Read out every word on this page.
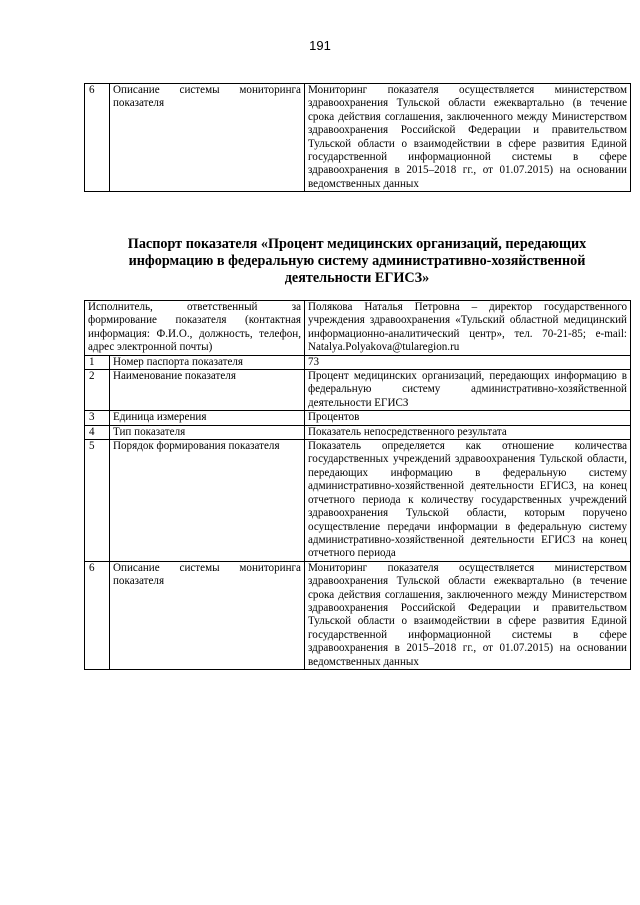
191
6	Описание системы мониторинга показателя	Мониторинг показателя осуществляется министерством здравоохранения Тульской области ежеквартально (в течение срока действия соглашения, заключенного между Министерством здравоохранения Российской Федерации и правительством Тульской области о взаимодействии в сфере развития Единой государственной информационной системы в сфере здравоохранения в 2015–2018 гг., от 01.07.2015) на основании ведомственных данных
Паспорт показателя «Процент медицинских организаций, передающих информацию в федеральную систему административно-хозяйственной деятельности ЕГИСЗ»
Исполнитель, ответственный за формирование показателя (контактная информация: Ф.И.О., должность, телефон, адрес электронной почты)		Полякова Наталья Петровна – директор государственного учреждения здравоохранения «Тульский областной медицинский информационно-аналитический центр», тел. 70-21-85; e-mail: Natalya.Polyakova@tularegion.ru
1	Номер паспорта показателя	73
2	Наименование показателя	Процент медицинских организаций, передающих информацию в федеральную систему административно-хозяйственной деятельности ЕГИСЗ
3	Единица измерения	Процентов
4	Тип показателя	Показатель непосредственного результата
5	Порядок формирования показателя	Показатель определяется как отношение количества государственных учреждений здравоохранения Тульской области, передающих информацию в федеральную систему административно-хозяйственной деятельности ЕГИСЗ, на конец отчетного периода к количеству государственных учреждений здравоохранения Тульской области, которым поручено осуществление передачи информации в федеральную систему административно-хозяйственной деятельности ЕГИСЗ на конец отчетного периода
6	Описание системы мониторинга показателя	Мониторинг показателя осуществляется министерством здравоохранения Тульской области ежеквартально (в течение срока действия соглашения, заключенного между Министерством здравоохранения Российской Федерации и правительством Тульской области о взаимодействии в сфере развития Единой государственной информационной системы в сфере здравоохранения в 2015–2018 гг., от 01.07.2015) на основании ведомственных данных
